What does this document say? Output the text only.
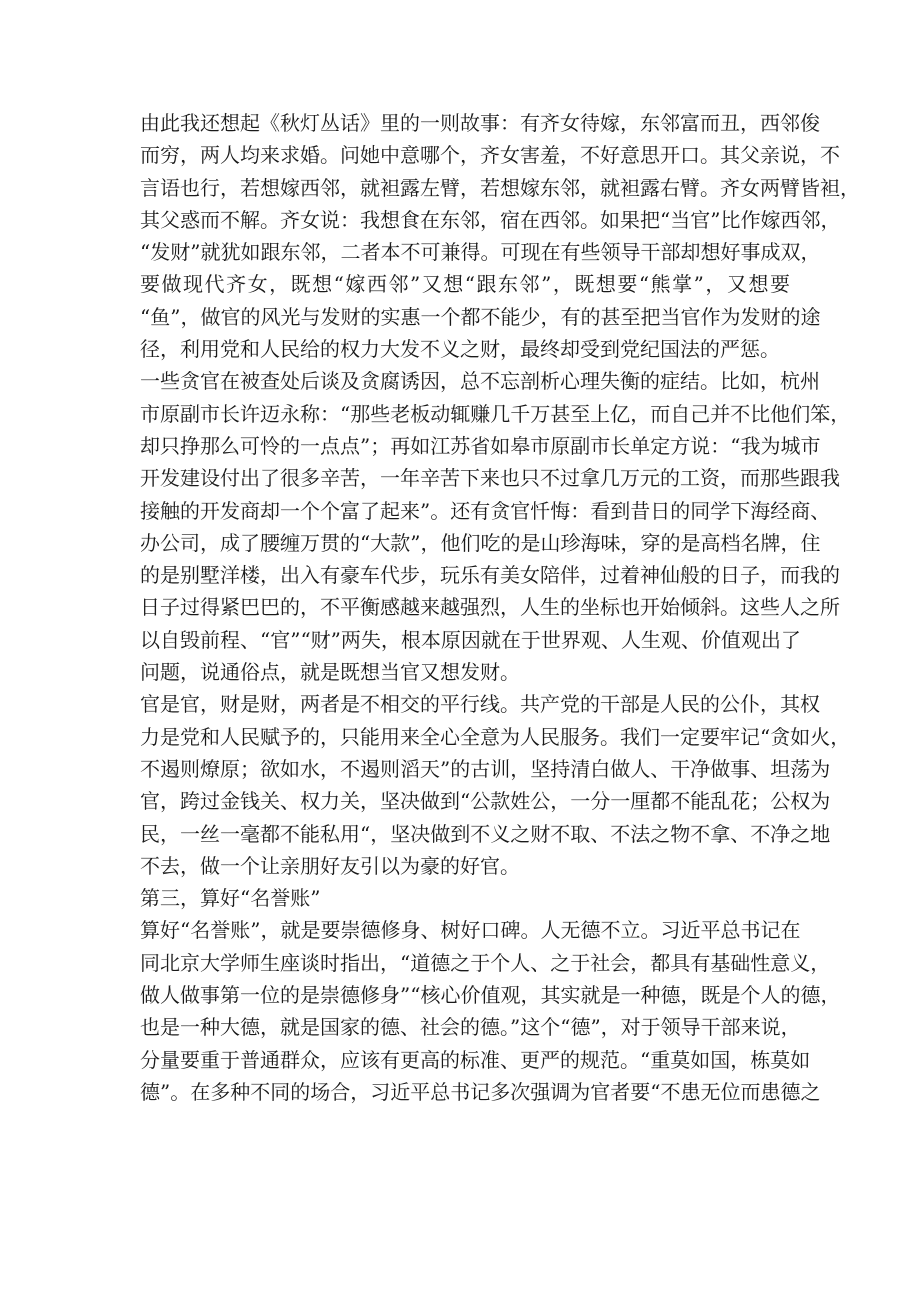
由此我还想起《秋灯丛话》里的一则故事：有齐女待嫁，东邻富而丑，西邻俊
而穷，两人均来求婚。问她中意哪个，齐女害羞，不好意思开口。其父亲说，不
言语也行，若想嫁西邻，就袒露左臂，若想嫁东邻，就袒露右臂。齐女两臂皆袒，
其父惑而不解。齐女说：我想食在东邻，宿在西邻。如果把“当官”比作嫁西邻，
“发财”就犹如跟东邻，二者本不可兼得。可现在有些领导干部却想好事成双，
要做现代齐女，既想“嫁西邻”又想“跟东邻”，既想要“熊掌”，又想要
“鱼”，做官的风光与发财的实惠一个都不能少，有的甚至把当官作为发财的途
径，利用党和人民给的权力大发不义之财，最终却受到党纪国法的严惩。
一些贪官在被查处后谈及贪腐诱因，总不忘剖析心理失衡的症结。比如，杭州
市原副市长许迈永称：“那些老板动辄赚几千万甚至上亿，而自己并不比他们笨，
却只挣那么可怜的一点点”；再如江苏省如皋市原副市长单定方说：“我为城市
开发建设付出了很多辛苦，一年辛苦下来也只不过拿几万元的工资，而那些跟我
接触的开发商却一个个富了起来”。还有贪官忏悔：看到昔日的同学下海经商、
办公司，成了腰缠万贯的“大款”，他们吃的是山珍海味，穿的是高档名牌，住
的是别墅洋楼，出入有豪车代步，玩乐有美女陪伴，过着神仙般的日子，而我的
日子过得紧巴巴的，不平衡感越来越强烈，人生的坐标也开始倾斜。这些人之所
以自毁前程、“官”“财”两失，根本原因就在于世界观、人生观、价值观出了
问题，说通俗点，就是既想当官又想发财。
官是官，财是财，两者是不相交的平行线。共产党的干部是人民的公仆，其权
力是党和人民赋予的，只能用来全心全意为人民服务。我们一定要牢记“贪如火，
不遏则燎原；欲如水，不遏则滔天”的古训，坚持清白做人、干净做事、坦荡为
官，跨过金钱关、权力关，坚决做到“公款姓公，一分一厘都不能乱花；公权为
民，一丝一毫都不能私用“，坚决做到不义之财不取、不法之物不拿、不净之地
不去，做一个让亲朋好友引以为豪的好官。
第三，算好“名誉账”
算好“名誉账”，就是要崇德修身、树好口碑。人无德不立。习近平总书记在
同北京大学师生座谈时指出，“道德之于个人、之于社会，都具有基础性意义，
做人做事第一位的是崇德修身”“核心价值观，其实就是一种德，既是个人的德，
也是一种大德，就是国家的德、社会的德。”这个“德”，对于领导干部来说，
分量要重于普通群众，应该有更高的标准、更严的规范。“重莫如国，栋莫如
德”。在多种不同的场合，习近平总书记多次强调为官者要“不患无位而患德之
